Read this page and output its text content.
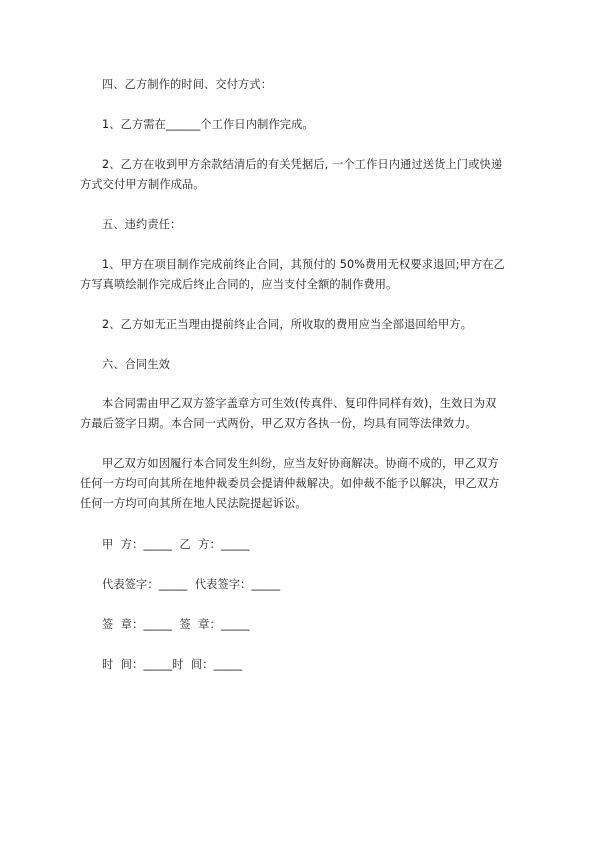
四、乙方制作的时间、交付方式：
1、乙方需在______个工作日内制作完成。
2、乙方在收到甲方余款结清后的有关凭据后, 一个工作日内通过送货上门或快递
方式交付甲方制作成品。
五、违约责任：
1、甲方在项目制作完成前终止合同，其预付的 50%费用无权要求退回;甲方在乙
方写真喷绘制作完成后终止合同的，应当支付全额的制作费用。
2、乙方如无正当理由提前终止合同，所收取的费用应当全部退回给甲方。
六、合同生效
本合同需由甲乙双方签字盖章方可生效(传真件、复印件同样有效)，生效日为双
方最后签字日期。本合同一式两份，甲乙双方各执一份，均具有同等法律效力。
甲乙双方如因履行本合同发生纠纷，应当友好协商解决。协商不成的，甲乙双方
任何一方均可向其所在地仲裁委员会提请仲裁解决。如仲裁不能予以解决，甲乙双方
任何一方均可向其所在地人民法院提起诉讼。
甲  方：_____  乙  方：_____
代表签字：_____  代表签字：_____
签  章：_____  签  章：_____
时  间：_____时  间：_____
